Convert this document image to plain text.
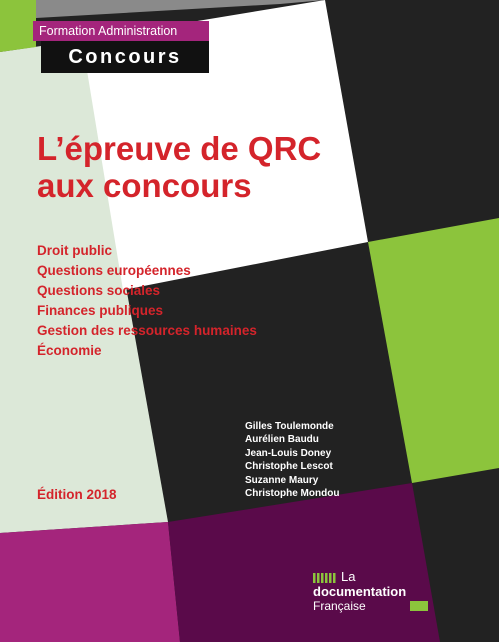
Formation Administration
Concours
L’épreuve de QRC
aux concours
Droit public
Questions européennes
Questions sociales
Finances publiques
Gestion des ressources humaines
Économie
Édition 2018
Gilles Toulemonde
Aurélien Baudu
Jean-Louis Doney
Christophe Lescot
Suzanne Maury
Christophe Mondou
La
documentation
Française
